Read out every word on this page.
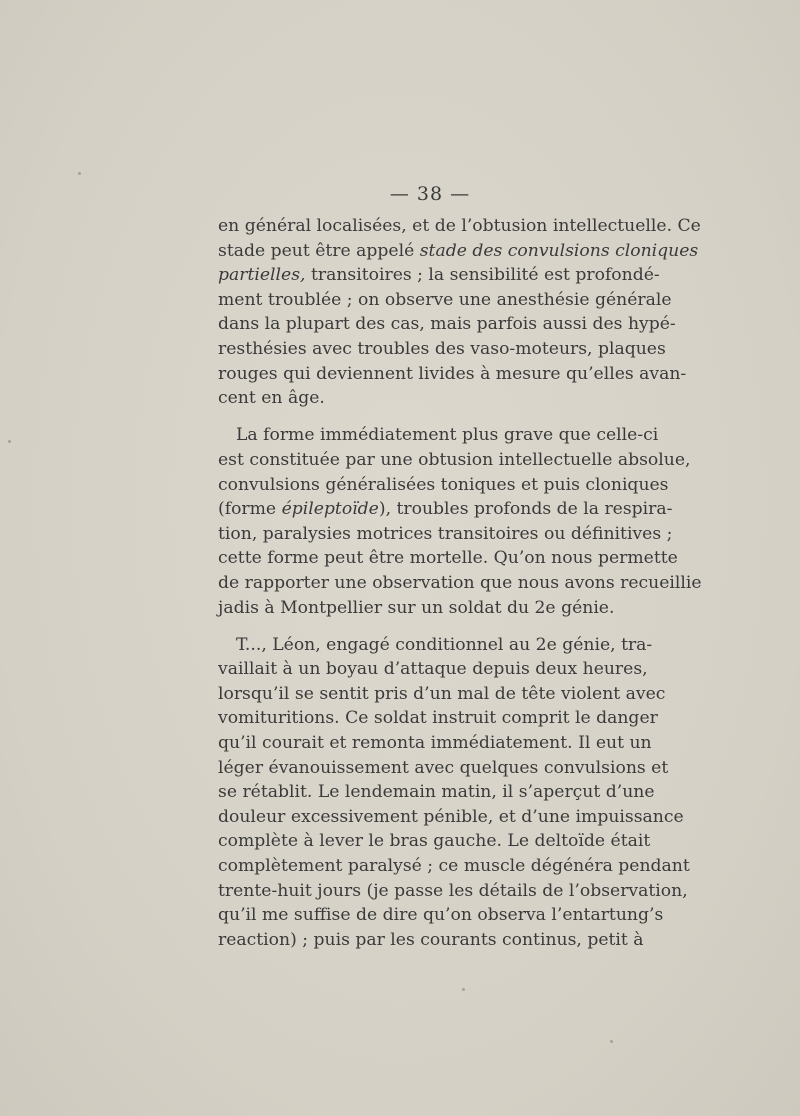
— 38 —
en général localisées, et de l’obtusion intellectuelle. Ce
stade peut être appelé stade des convulsions cloniques
partielles, transitoires ; la sensibilité est profondé-
ment troublée ; on observe une anesthésie générale
dans la plupart des cas, mais parfois aussi des hypé-
resthésies avec troubles des vaso-moteurs, plaques
rouges qui deviennent livides à mesure qu’elles avan-
cent en âge.
La forme immédiatement plus grave que celle-ci
est constituée par une obtusion intellectuelle absolue,
convulsions généralisées toniques et puis cloniques
(forme épileptoïde), troubles profonds de la respira-
tion, paralysies motrices transitoires ou définitives ;
cette forme peut être mortelle. Qu’on nous permette
de rapporter une observation que nous avons recueillie
jadis à Montpellier sur un soldat du 2e génie.
T..., Léon, engagé conditionnel au 2e génie, tra-
vaillait à un boyau d’attaque depuis deux heures,
lorsqu’il se sentit pris d’un mal de tête violent avec
vomituritions. Ce soldat instruit comprit le danger
qu’il courait et remonta immédiatement. Il eut un
léger évanouissement avec quelques convulsions et
se rétablit. Le lendemain matin, il s’aperçut d’une
douleur excessivement pénible, et d’une impuissance
complète à lever le bras gauche. Le deltoïde était
complètement paralysé ; ce muscle dégénéra pendant
trente-huit jours (je passe les détails de l’observation,
qu’il me suffise de dire qu’on observa l’entartung’s
reaction) ; puis par les courants continus, petit à
